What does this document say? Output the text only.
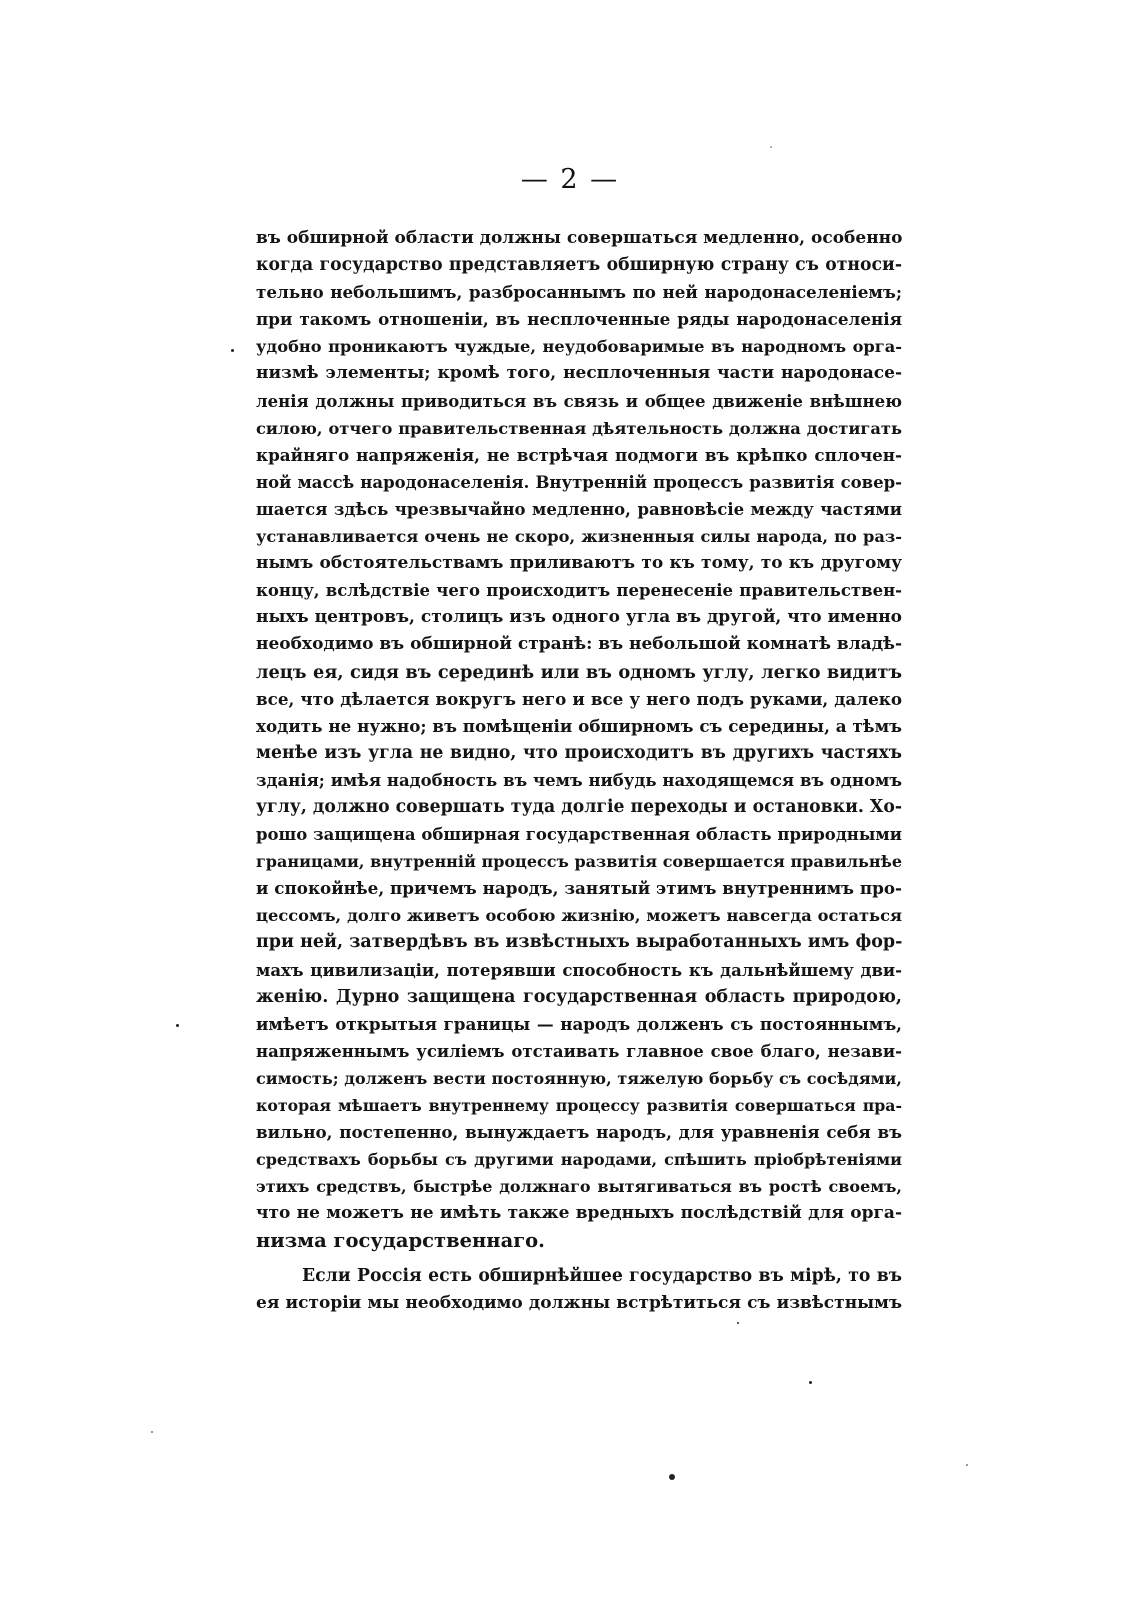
— 2 —
въ обширной области должны совершаться медленно, особенно
когда государство представляетъ обширную страну съ относи-
тельно небольшимъ, разбросаннымъ по ней народонаселеніемъ;
при такомъ отношеніи, въ несплоченные ряды народонаселенія
удобно проникаютъ чуждые, неудобоваримые въ народномъ орга-
низмѣ элементы; кромѣ того, несплоченныя части народонасе-
ленія должны приводиться въ связь и общее движеніе внѣшнею
силою, отчего правительственная дѣятельность должна достигать
крайняго напряженія, не встрѣчая подмоги въ крѣпко сплочен-
ной массѣ народонаселенія. Внутренній процессъ развитія совер-
шается здѣсь чрезвычайно медленно, равновѣсіе между частями
устанавливается очень не скоро, жизненныя силы народа, по раз-
нымъ обстоятельствамъ приливаютъ то къ тому, то къ другому
концу, вслѣдствіе чего происходитъ перенесеніе правительствен-
ныхъ центровъ, столицъ изъ одного угла въ другой, что именно
необходимо въ обширной странѣ: въ небольшой комнатѣ владѣ-
лецъ ея, сидя въ серединѣ или въ одномъ углу, легко видитъ
все, что дѣлается вокругъ него и все у него подъ руками, далеко
ходить не нужно; въ помѣщеніи обширномъ съ середины, а тѣмъ
менѣе изъ угла не видно, что происходитъ въ другихъ частяхъ
зданія; имѣя надобность въ чемъ нибудь находящемся въ одномъ
углу, должно совершать туда долгіе переходы и остановки. Хо-
рошо защищена обширная государственная область природными
границами, внутренній процессъ развитія совершается правильнѣе
и спокойнѣе, причемъ народъ, занятый этимъ внутреннимъ про-
цессомъ, долго живетъ особою жизнію, можетъ навсегда остаться
при ней, затвердѣвъ въ извѣстныхъ выработанныхъ имъ фор-
махъ цивилизаціи, потерявши способность къ дальнѣйшему дви-
женію. Дурно защищена государственная область природою,
имѣетъ открытыя границы — народъ долженъ съ постояннымъ,
напряженнымъ усиліемъ отстаивать главное свое благо, незави-
симость; долженъ вести постоянную, тяжелую борьбу съ сосѣдями,
которая мѣшаетъ внутреннему процессу развитія совершаться пра-
вильно, постепенно, вынуждаетъ народъ, для уравненія себя въ
средствахъ борьбы съ другими народами, спѣшить пріобрѣтеніями
этихъ средствъ, быстрѣе должнаго вытягиваться въ ростѣ своемъ,
что не можетъ не имѣть также вредныхъ послѣдствій для орга-
низма государственнаго.
Если Россія есть обширнѣйшее государство въ мірѣ, то въ
ея исторіи мы необходимо должны встрѣтиться съ извѣстнымъ
